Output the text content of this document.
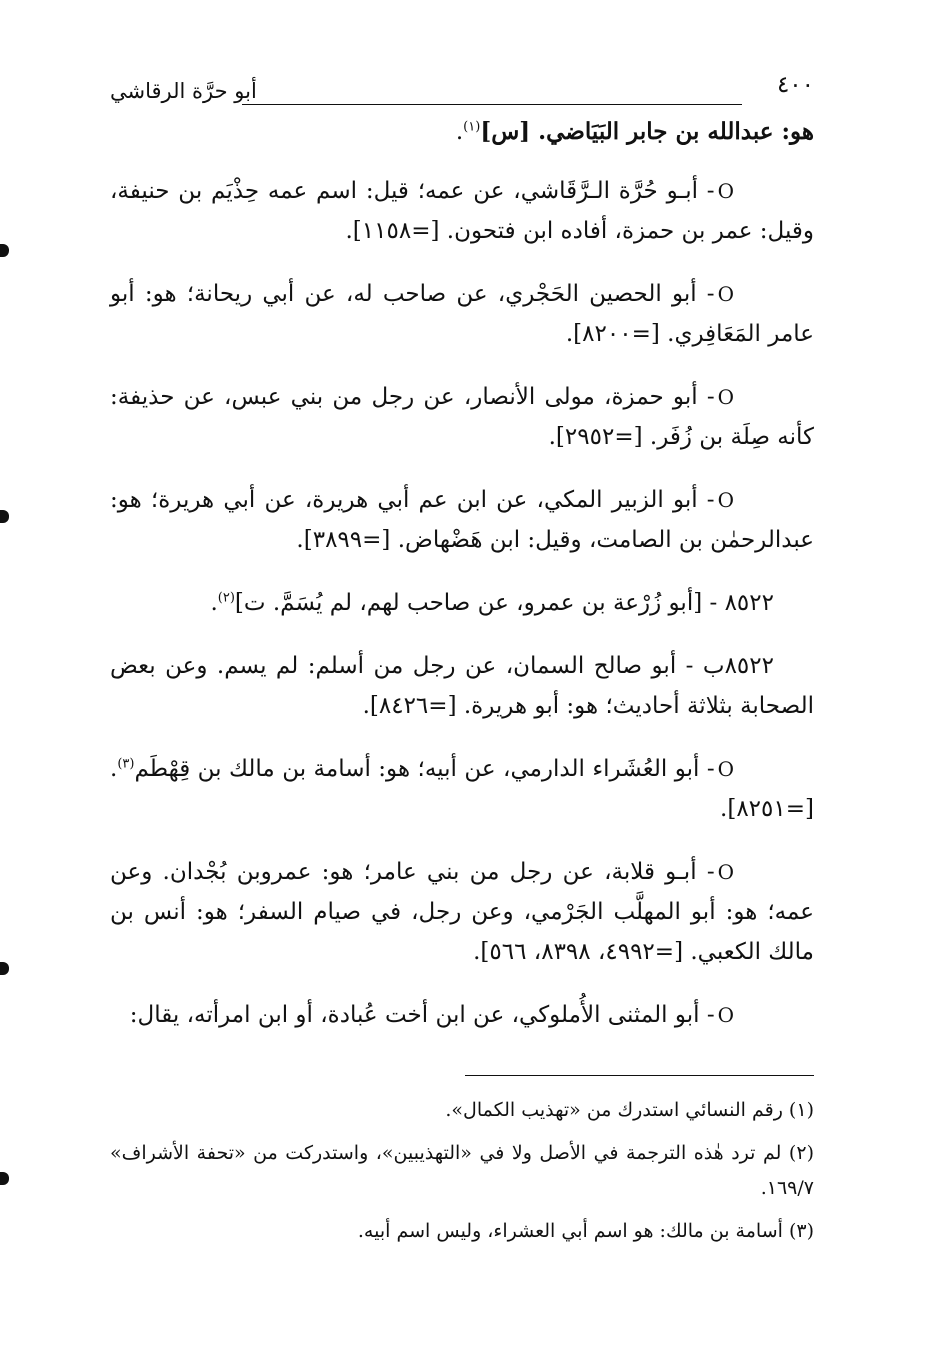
٤٠٠
أبو حرَّة الرقاشي

هو: عبدالله بن جابر البَيَاضي. [س]$^{(١)}$.

O- أبـو حُرَّة الـرَّقَاشي، عن عمه؛ قيل: اسم عمه حِذْيَم بن حنيفة، وقيل: عمر بن حمزة، أفاده ابن فتحون. [=١١٥٨].

O- أبو الحصين الحَجْري، عن صاحب له، عن أبي ريحانة؛ هو: أبو عامر المَعَافِري. [=٨٢٠٠].

O- أبو حمزة، مولى الأنصار، عن رجل من بني عبس، عن حذيفة: كأنه صِلَة بن زُفَر. [=٢٩٥٢].

O- أبو الزبير المكي، عن ابن عم أبي هريرة، عن أبي هريرة؛ هو: عبدالرحمٰن بن الصامت، وقيل: ابن هَضْهاض. [=٣٨٩٩].

٨٥٢٢ - [أبو زُرْعة بن عمرو، عن صاحب لهم، لم يُسَمَّ. ت]$^{(٢)}$.

٨٥٢٢ب - أبو صالح السمان، عن رجل من أسلم: لم يسم. وعن بعض الصحابة بثلاثة أحاديث؛ هو: أبو هريرة. [=٨٤٢٦].

O- أبو العُشَراء الدارمي، عن أبيه؛ هو: أسامة بن مالك بن قِهْطَم$^{(٣)}$. [=٨٢٥١].

O- أبـو قلابة، عن رجل من بني عامر؛ هو: عمروبن بُجْدان. وعن عمه؛ هو: أبو المهلَّب الجَرْمي، وعن رجل، في صيام السفر؛ هو: أنس بن مالك الكعبي. [=٤٩٩٢، ٨٣٩٨، ٥٦٦].

O- أبو المثنى الأُملوكي، عن ابن أخت عُبادة، أو ابن امرأته، يقال:

(١) رقم النسائي استدرك من «تهذيب الكمال».

(٢) لم ترد هٰذه الترجمة في الأصل ولا في «التهذيبين»، واستدركت من «تحفة الأشراف» ١٦٩/٧.

(٣) أسامة بن مالك: هو اسم أبي العشراء، وليس اسم أبيه.
